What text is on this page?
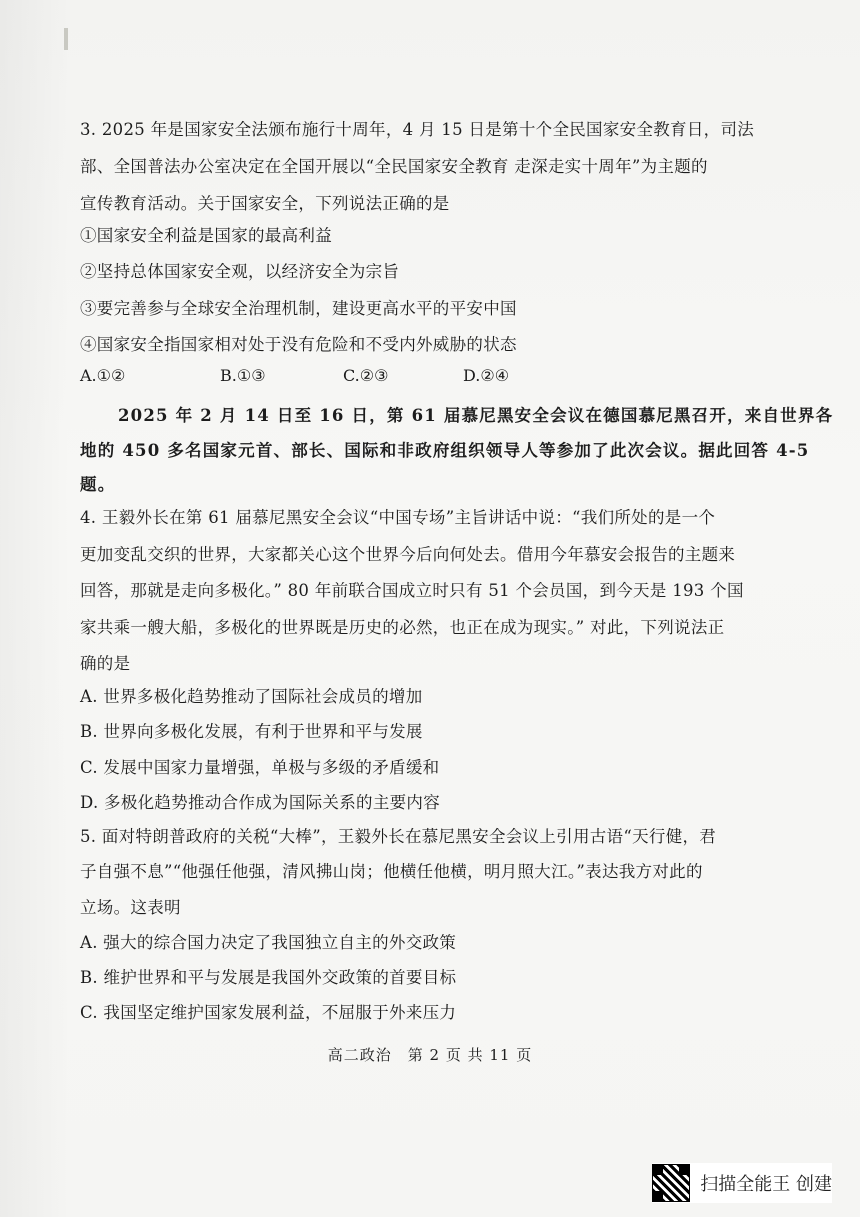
3. 2025 年是国家安全法颁布施行十周年，4 月 15 日是第十个全民国家安全教育日，司法
部、全国普法办公室决定在全国开展以“全民国家安全教育 走深走实十周年”为主题的
宣传教育活动。关于国家安全，下列说法正确的是
①国家安全利益是国家的最高利益
②坚持总体国家安全观，以经济安全为宗旨
③要完善参与全球安全治理机制，建设更高水平的平安中国
④国家安全指国家相对处于没有危险和不受内外威胁的状态
A.①②	B.①③	C.②③	D.②④
2025 年 2 月 14 日至 16 日，第 61 届慕尼黑安全会议在德国慕尼黑召开，来自世界各
地的 450 多名国家元首、部长、国际和非政府组织领导人等参加了此次会议。据此回答 4-5
题。
4. 王毅外长在第 61 届慕尼黑安全会议“中国专场”主旨讲话中说：“我们所处的是一个
更加变乱交织的世界，大家都关心这个世界今后向何处去。借用今年慕安会报告的主题来
回答，那就是走向多极化。” 80 年前联合国成立时只有 51 个会员国，到今天是 193 个国
家共乘一艘大船，多极化的世界既是历史的必然，也正在成为现实。” 对此，下列说法正
确的是
A. 世界多极化趋势推动了国际社会成员的增加
B. 世界向多极化发展，有利于世界和平与发展
C. 发展中国家力量增强，单极与多级的矛盾缓和
D. 多极化趋势推动合作成为国际关系的主要内容
5. 面对特朗普政府的关税“大棒”，王毅外长在慕尼黑安全会议上引用古语“天行健，君
子自强不息”“他强任他强，清风拂山岗；他横任他横，明月照大江。”表达我方对此的
立场。这表明
A. 强大的综合国力决定了我国独立自主的外交政策
B. 维护世界和平与发展是我国外交政策的首要目标
C. 我国坚定维护国家发展利益，不屈服于外来压力
高二政治　第 2 页 共 11 页
扫描全能王 创建
